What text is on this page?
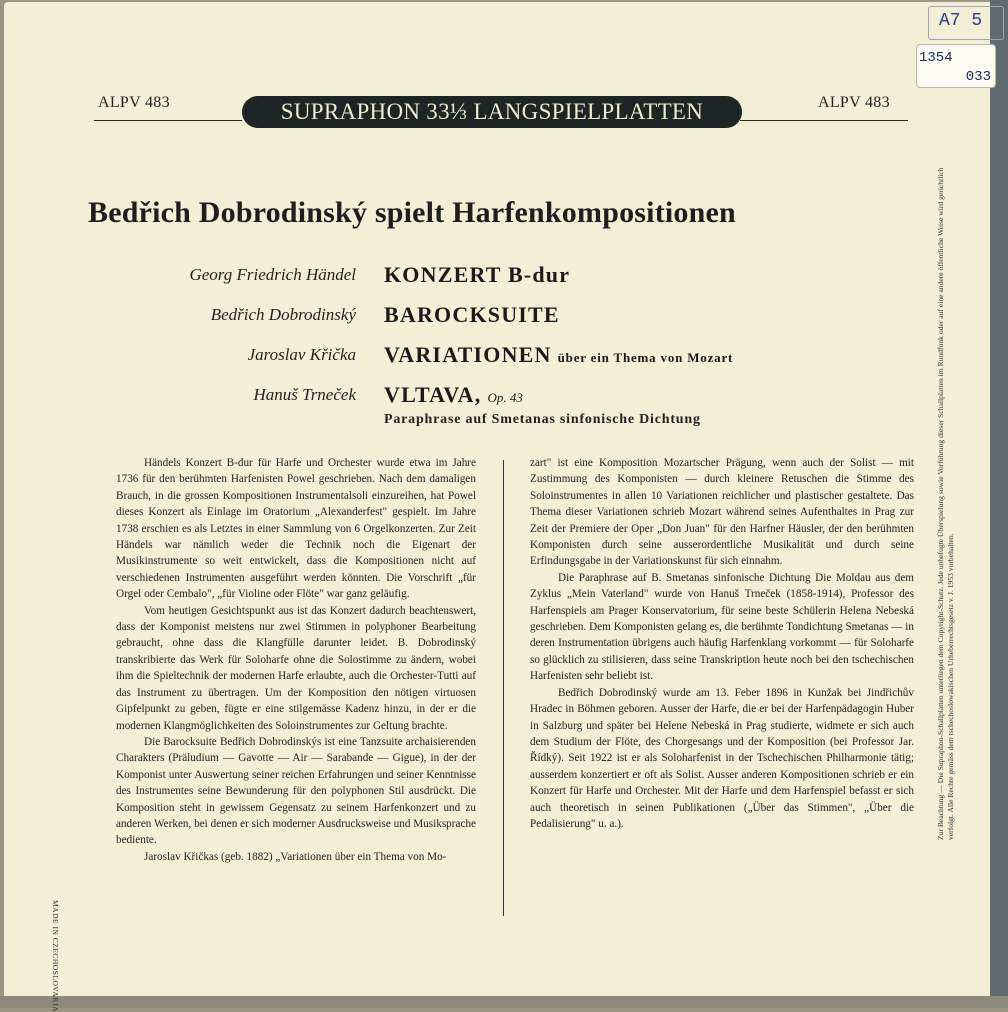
A7 5
1354
033
ALPV 483	SUPRAPHON 33⅓ LANGSPIELPLATTEN	ALPV 483
Bedřich Dobrodinský spielt Harfenkompositionen
Georg Friedrich Händel KONZERT B-dur
Bedřich Dobrodinský BAROCKSUITE
Jaroslav Křička VARIATIONEN über ein Thema von Mozart
Hanuš Trneček VLTAVA, Op. 43
Paraphrase auf Smetanas sinfonische Dichtung

Händels Konzert B-dur für Harfe und Orchester wurde etwa im Jahre 1736 für den berühmten Harfenisten Powel geschrieben. Nach dem damaligen Brauch, in die grossen Kompositionen Instrumentalsoli einzureihen, hat Powel dieses Konzert als Einlage im Oratorium „Alexanderfest" gespielt. Im Jahre 1738 erschien es als Letztes in einer Sammlung von 6 Orgelkonzerten. Zur Zeit Händels war nämlich weder die Technik noch die Eigenart der Musikinstrumente so weit entwickelt, dass die Kompositionen nicht auf verschiedenen Instrumenten ausgeführt werden könnten. Die Vorschrift „für Orgel oder Cembalo", „für Violine oder Flöte" war ganz geläufig.

Vom heutigen Gesichtspunkt aus ist das Konzert dadurch beachtenswert, dass der Komponist meistens nur zwei Stimmen in polyphoner Bearbeitung gebraucht, ohne dass die Klangfülle darunter leidet. B. Dobrodinský transkribierte das Werk für Soloharfe ohne die Solostimme zu ändern, wobei ihm die Spieltechnik der modernen Harfe erlaubte, auch die Orchester-Tutti auf das Instrument zu übertragen. Um der Komposition den nötigen virtuosen Gipfelpunkt zu geben, fügte er eine stilgemässe Kadenz hinzu, in der er die modernen Klangmöglichkeiten des Soloinstrumentes zur Geltung brachte.

Die Barocksuite Bedřich Dobrodinskýs ist eine Tanzsuite archaisierenden Charakters (Präludium — Gavotte — Air — Sarabande — Gigue), in der der Komponist unter Auswertung seiner reichen Erfahrungen und seiner Kenntnisse des Instrumentes seine Bewunderung für den polyphonen Stil ausdrückt. Die Komposition steht in gewissem Gegensatz zu seinem Harfenkonzert und zu anderen Werken, bei denen er sich moderner Ausdrucksweise und Musiksprache bediente.

Jaroslav Křičkas (geb. 1882) „Variationen über ein Thema von Mo-

zart" ist eine Komposition Mozartscher Prägung, wenn auch der Solist — mit Zustimmung des Komponisten — durch kleinere Retuschen die Stimme des Soloinstrumentes in allen 10 Variationen reichlicher und plastischer gestaltete. Das Thema dieser Variationen schrieb Mozart während seines Aufenthaltes in Prag zur Zeit der Premiere der Oper „Don Juan" für den Harfner Häusler, der den berühmten Komponisten durch seine ausserordentliche Musikalität und durch seine Erfindungsgabe in der Variationskunst für sich einnahm.

Die Paraphrase auf B. Smetanas sinfonische Dichtung Die Moldau aus dem Zyklus „Mein Vaterland" wurde von Hanuš Trneček (1858-1914), Professor des Harfenspiels am Prager Konservatorium, für seine beste Schülerin Helena Nebeská geschrieben. Dem Komponisten gelang es, die berühmte Tondichtung Smetanas — in deren Instrumentation übrigens auch häufig Harfenklang vorkommt — für Soloharfe so glücklich zu stilisieren, dass seine Transkription heute noch bei den tschechischen Harfenisten sehr beliebt ist.

Bedřich Dobrodinský wurde am 13. Feber 1896 in Kunžak bei Jindřichův Hradec in Böhmen geboren. Ausser der Harfe, die er bei der Harfenpädagogin Huber in Salzburg und später bei Helene Nebeská in Prag studierte, widmete er sich auch dem Studium der Flöte, des Chorgesangs und der Komposition (bei Professor Jar. Řídký). Seit 1922 ist er als Soloharfenist in der Tschechischen Philharmonie tätig; ausserdem konzertiert er oft als Solist. Ausser anderen Kompositionen schrieb er ein Konzert für Harfe und Orchester. Mit der Harfe und dem Harfenspiel befasst er sich auch theoretisch in seinen Publikationen („Über das Stimmen", „Über die Pedalisierung" u. a.).	Zur Beachtung — Die Supraphon-Schallplatten unterliegen dem Copyright-Schutz. Jede unbefugte Überspielung sowie Vorführung dieser Schallplatten im Rundfunk oder auf eine andere öffentliche Weise wird gerichtlich verfolgt. Alle Rechte gemäss dem tschechoslowakischen Urheberrechtsgesetz v. J. 1953 vorbehalten.
MADE IN CZECHOSLOVAKIA
